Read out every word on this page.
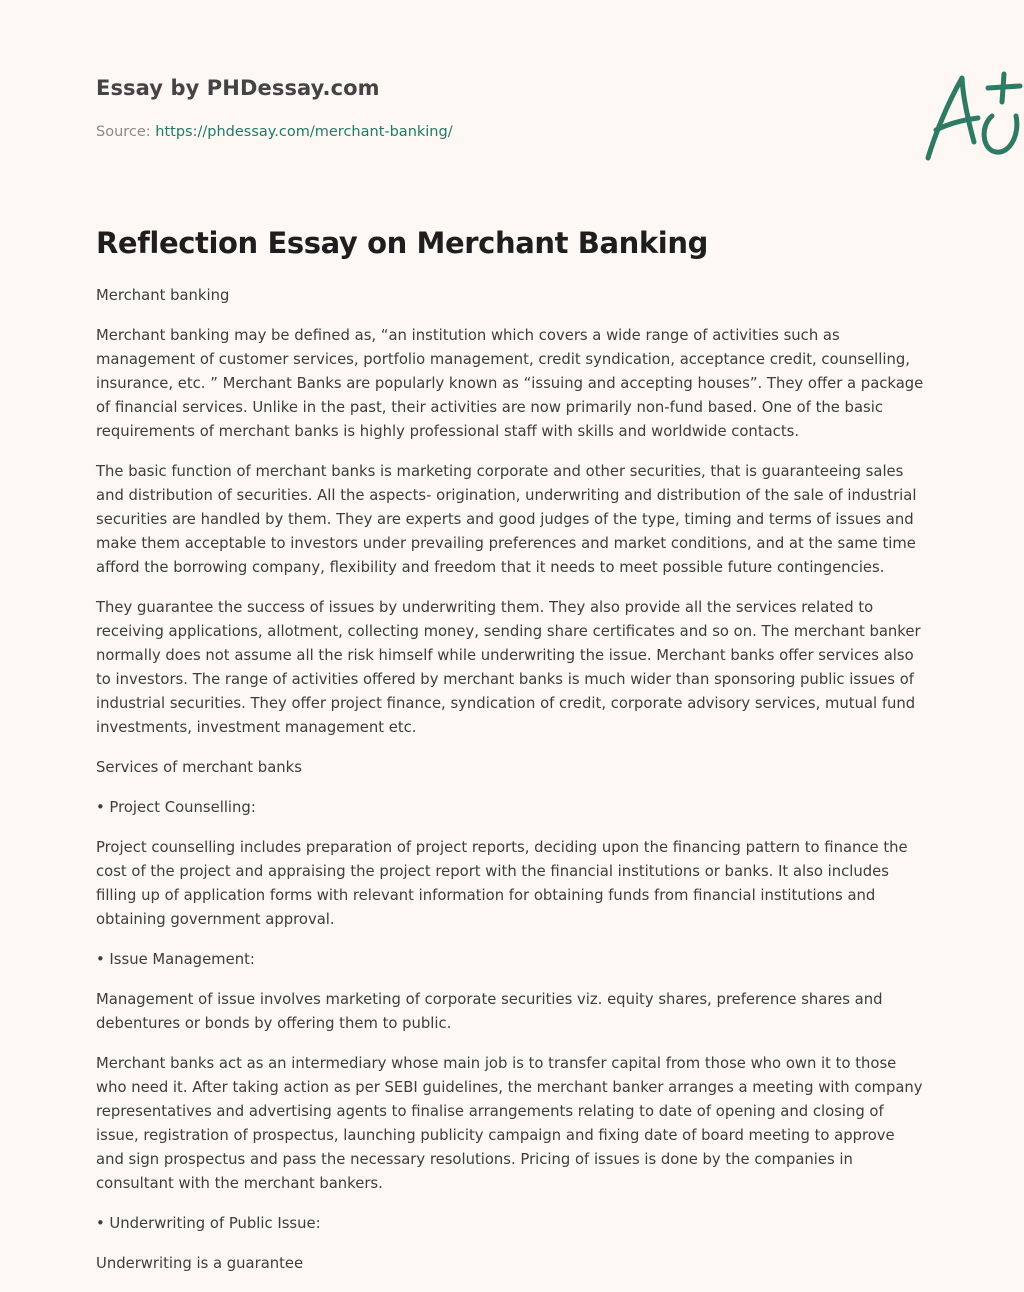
Essay by PHDessay.com
Source: https://phdessay.com/merchant-banking/
Reflection Essay on Merchant Banking

Merchant banking

Merchant banking may be defined as, “an institution which covers a wide range of activities such as management of customer services, portfolio management, credit syndication, acceptance credit, counselling, insurance, etc. ” Merchant Banks are popularly known as “issuing and accepting houses”. They offer a package of financial services. Unlike in the past, their activities are now primarily non-fund based. One of the basic requirements of merchant banks is highly professional staff with skills and worldwide contacts.

The basic function of merchant banks is marketing corporate and other securities, that is guaranteeing sales and distribution of securities. All the aspects- origination, underwriting and distribution of the sale of industrial securities are handled by them. They are experts and good judges of the type, timing and terms of issues and make them acceptable to investors under prevailing preferences and market conditions, and at the same time afford the borrowing company, flexibility and freedom that it needs to meet possible future contingencies.

They guarantee the success of issues by underwriting them. They also provide all the services related to receiving applications, allotment, collecting money, sending share certificates and so on. The merchant banker normally does not assume all the risk himself while underwriting the issue. Merchant banks offer services also to investors. The range of activities offered by merchant banks is much wider than sponsoring public issues of industrial securities. They offer project finance, syndication of credit, corporate advisory services, mutual fund investments, investment management etc.

Services of merchant banks

• Project Counselling:

Project counselling includes preparation of project reports, deciding upon the financing pattern to finance the cost of the project and appraising the project report with the financial institutions or banks. It also includes filling up of application forms with relevant information for obtaining funds from financial institutions and obtaining government approval.

• Issue Management:

Management of issue involves marketing of corporate securities viz. equity shares, preference shares and debentures or bonds by offering them to public.

Merchant banks act as an intermediary whose main job is to transfer capital from those who own it to those who need it. After taking action as per SEBI guidelines, the merchant banker arranges a meeting with company representatives and advertising agents to finalise arrangements relating to date of opening and closing of issue, registration of prospectus, launching publicity campaign and fixing date of board meeting to approve and sign prospectus and pass the necessary resolutions. Pricing of issues is done by the companies in consultant with the merchant bankers.

• Underwriting of Public Issue:

Underwriting is a guarantee
